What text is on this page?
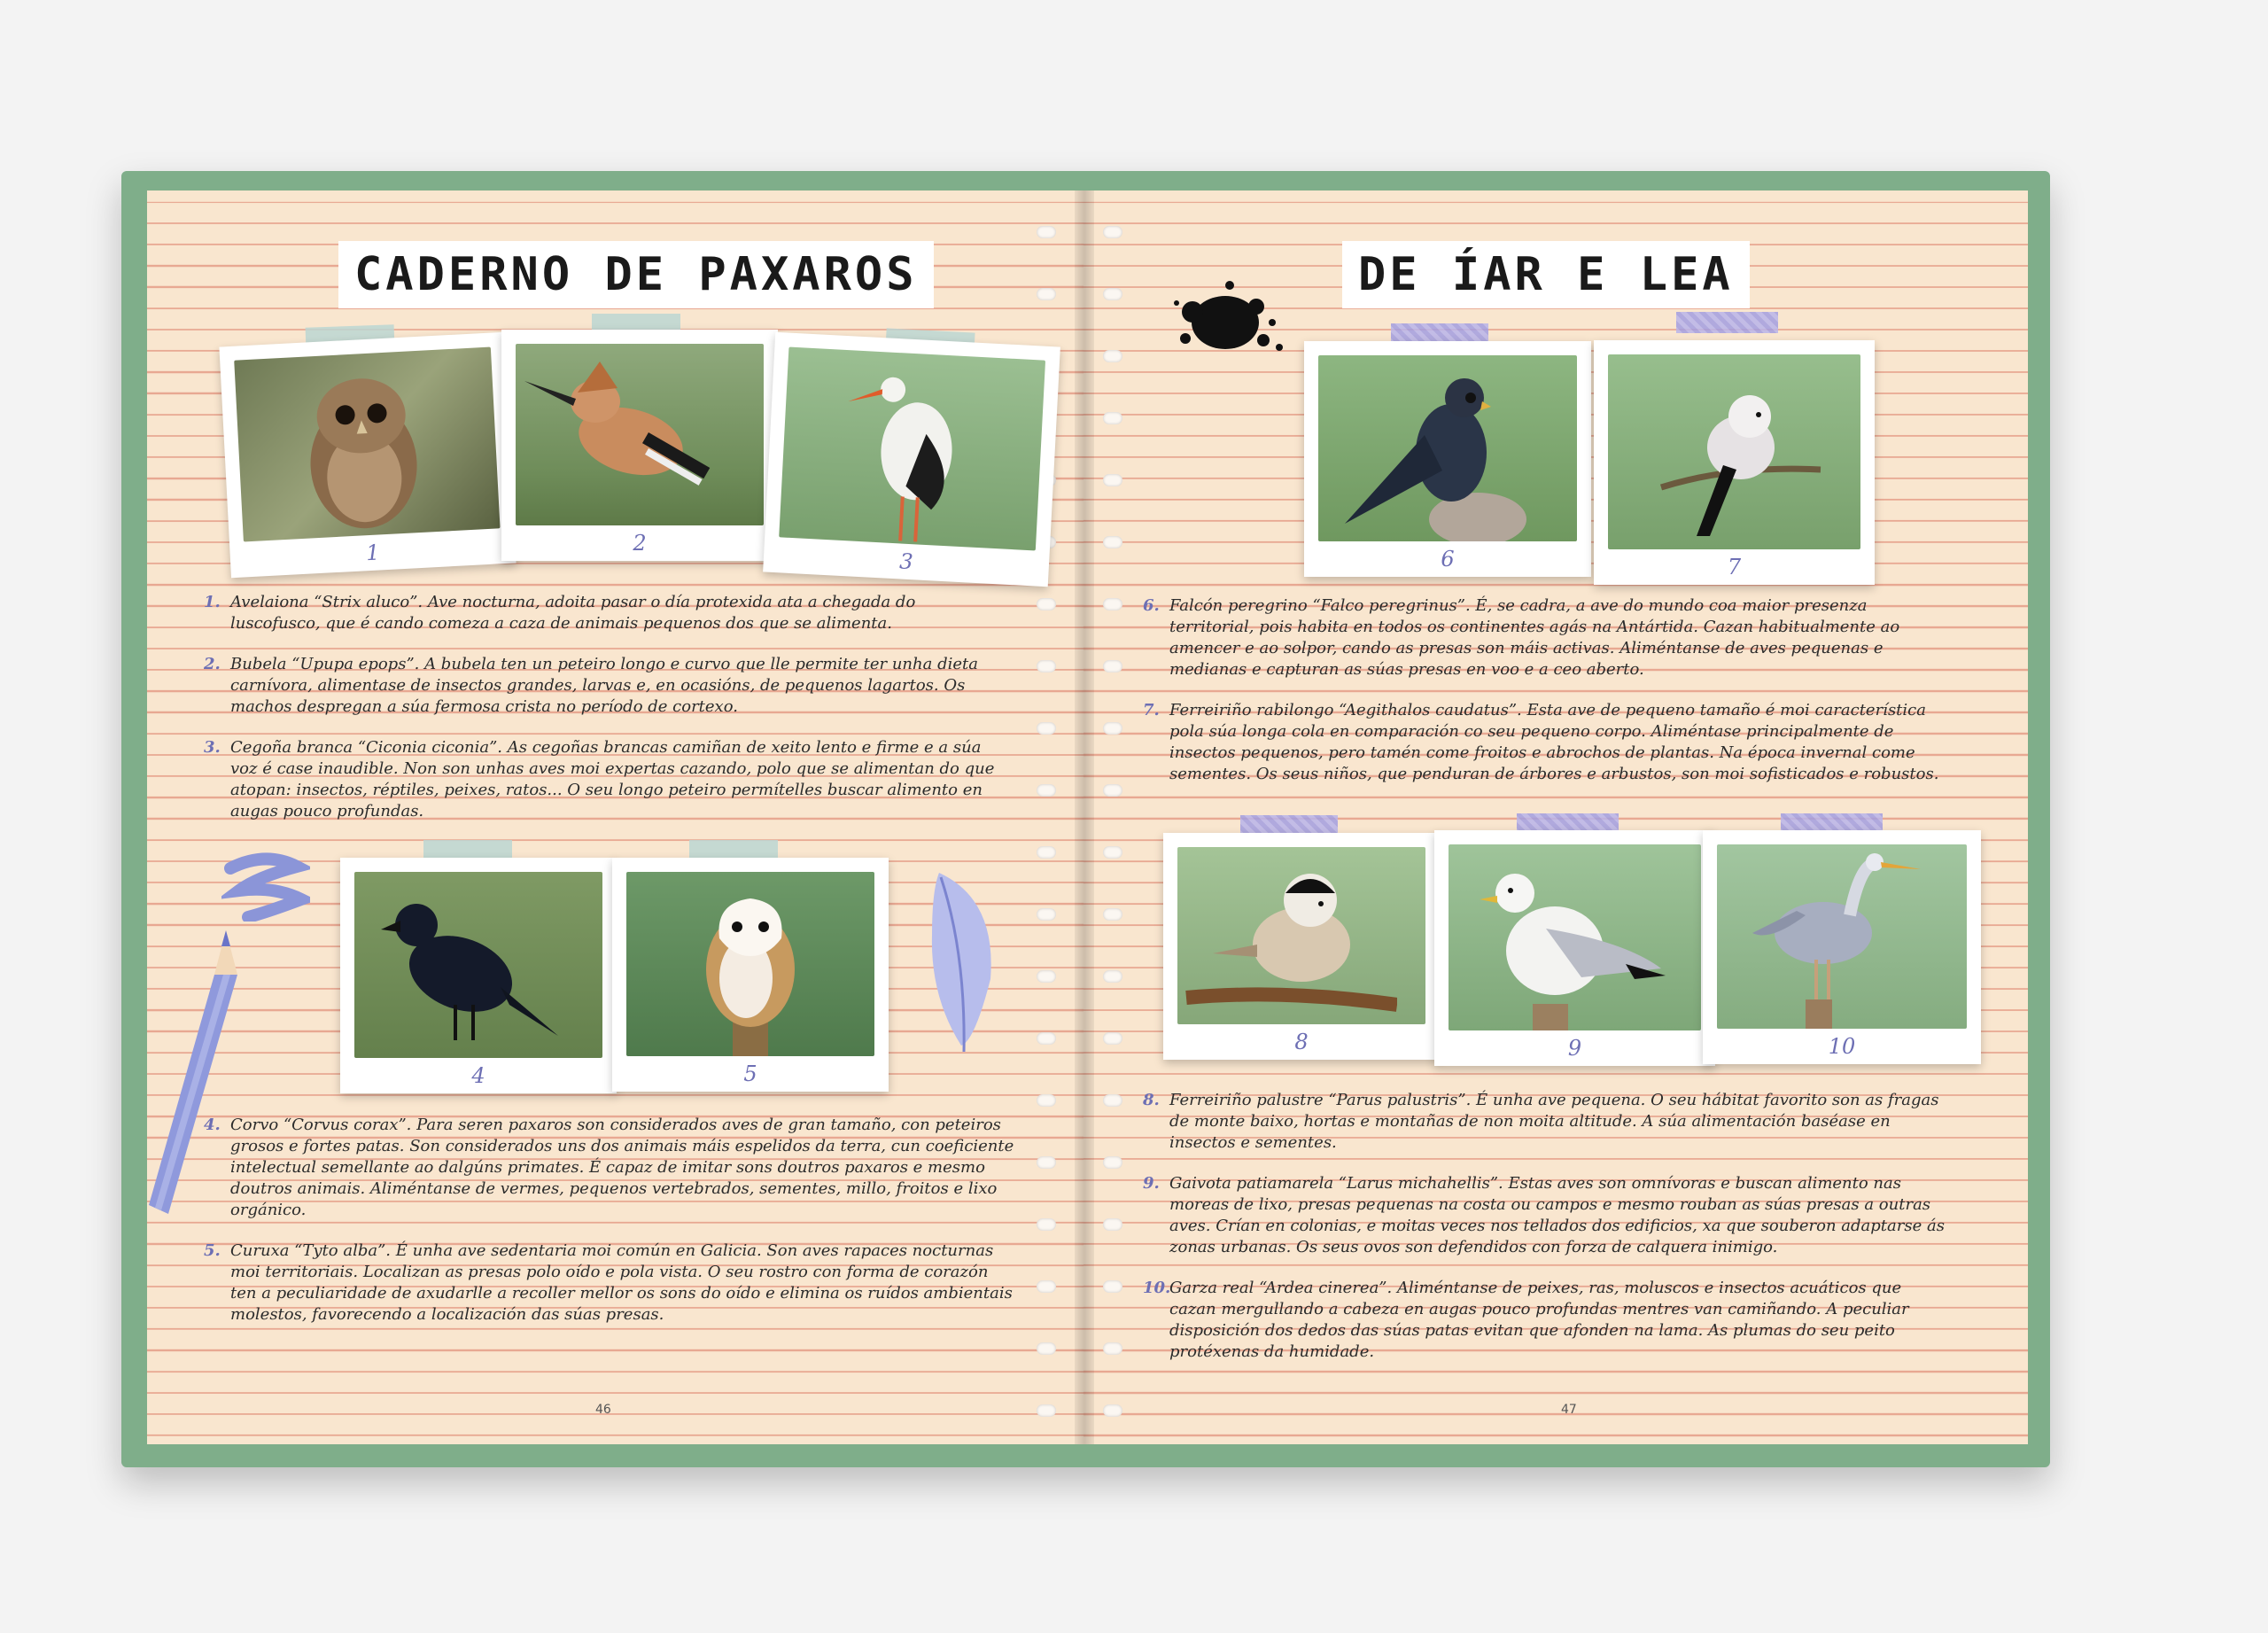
CADERNO DE PAXAROS	DE ÍAR E LEA
1	2
3	6	7

1. Avelaiona “Strix aluco”. Ave nocturna, adoita pasar o día protexida ata a chegada do luscofusco, que é cando comeza a caza de animais pequenos dos que se alimenta.

2. Bubela “Upupa epops”. A bubela ten un peteiro longo e curvo que lle permite ter unha dieta carnívora, alimentase de insectos grandes, larvas e, en ocasións, de pequenos lagartos. Os machos despregan a súa fermosa crista no período de cortexo.

3. Cegoña branca “Ciconia ciconia”. As cegoñas brancas camiñan de xeito lento e firme e a súa voz é case inaudible. Non son unhas aves moi expertas cazando, polo que se alimentan do que atopan: insectos, réptiles, peixes, ratos... O seu longo peteiro permítelles buscar alimento en augas pouco profundas.

4	5

4. Corvo “Corvus corax”. Para seren paxaros son considerados aves de gran tamaño, con peteiros grosos e fortes patas. Son considerados uns dos animais máis espelidos da terra, cun coeficiente intelectual semellante ao dalgúns primates. É capaz de imitar sons doutros paxaros e mesmo doutros animais. Aliméntanse de vermes, pequenos vertebrados, sementes, millo, froitos e lixo orgánico.

5. Curuxa “Tyto alba”. É unha ave sedentaria moi común en Galicia. Son aves rapaces nocturnas moi territoriais. Localizan as presas polo oído e pola vista. O seu rostro con forma de corazón ten a peculiaridade de axudarlle a recoller mellor os sons do oído e elimina os ruídos ambientais molestos, favorecendo a localización das súas presas.

6. Falcón peregrino “Falco peregrinus”. É, se cadra, a ave do mundo coa maior presenza territorial, pois habita en todos os continentes agás na Antártida. Cazan habitualmente ao amencer e ao solpor, cando as presas son máis activas. Aliméntanse de aves pequenas e medianas e capturan as súas presas en voo e a ceo aberto.

7. Ferreiriño rabilongo “Aegithalos caudatus”. Esta ave de pequeno tamaño é moi característica pola súa longa cola en comparación co seu pequeno corpo. Aliméntase principalmente de insectos pequenos, pero tamén come froitos e abrochos de plantas. Na época invernal come sementes. Os seus niños, que penduran de árbores e arbustos, son moi sofisticados e robustos.

8	9	10

8. Ferreiriño palustre “Parus palustris”. É unha ave pequena. O seu hábitat favorito son as fragas de monte baixo, hortas e montañas de non moita altitude. A súa alimentación baséase en insectos e sementes.

9. Gaivota patiamarela “Larus michahellis”. Estas aves son omnívoras e buscan alimento nas moreas de lixo, presas pequenas na costa ou campos e mesmo rouban as súas presas a outras aves. Crían en colonias, e moitas veces nos tellados dos edificios, xa que souberon adaptarse ás zonas urbanas. Os seus ovos son defendidos con forza de calquera inimigo.

10.Garza real “Ardea cinerea”. Aliméntanse de peixes, ras, moluscos e insectos acuáticos que cazan mergullando a cabeza en augas pouco profundas mentres van camiñando. A peculiar disposición dos dedos das súas patas evitan que afonden na lama. As plumas do seu peito protéxenas da humidade.

46	47
